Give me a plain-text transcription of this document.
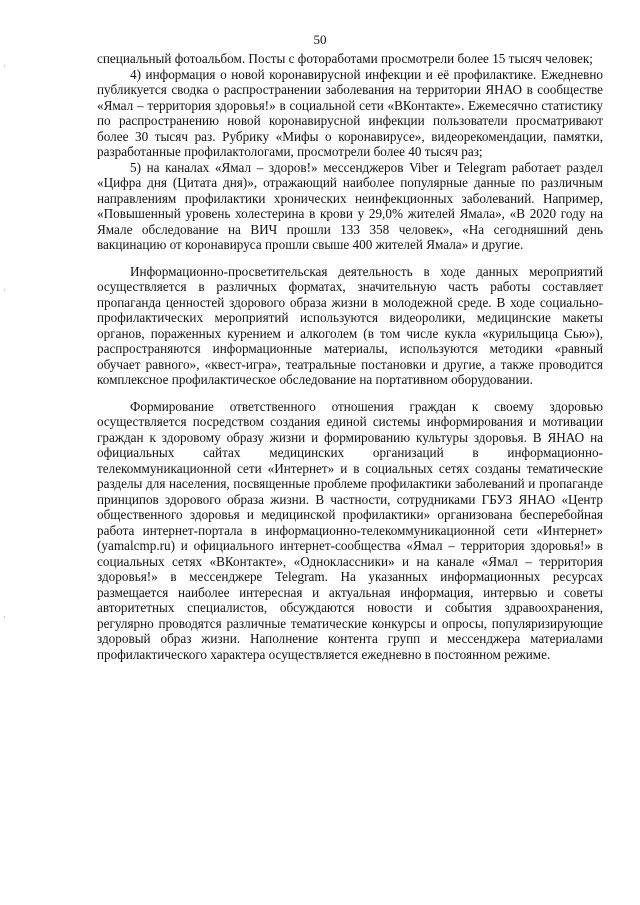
·
·
·
50

специальный фотоальбом. Посты с фотоработами просмотрели более 15 тысяч человек;

4) информация о новой коронавирусной инфекции и её профилактике. Ежедневно публикуется сводка о распространении заболевания на территории ЯНАО в сообществе «Ямал – территория здоровья!» в социальной сети «ВКонтакте». Ежемесячно статистику по распространению новой коронавирусной инфекции пользователи просматривают более 30 тысяч раз. Рубрику «Мифы о коронавирусе», видеорекомендации, памятки, разработанные профилактологами, просмотрели более 40 тысяч раз;

5) на каналах «Ямал – здоров!» мессенджеров Viber и Telegram работает раздел «Цифра дня (Цитата дня)», отражающий наиболее популярные данные по различным направлениям профилактики хронических неинфекционных заболеваний. Например, «Повышенный уровень холестерина в крови у 29,0% жителей Ямала», «В 2020 году на Ямале обследование на ВИЧ прошли 133 358 человек», «На сегодняшний день вакцинацию от коронавируса прошли свыше 400 жителей Ямала» и другие.

Информационно-просветительская деятельность в ходе данных мероприятий осуществляется в различных форматах, значительную часть работы составляет пропаганда ценностей здорового образа жизни в молодежной среде. В ходе социально-профилактических мероприятий используются видеоролики, медицинские макеты органов, пораженных курением и алкоголем (в том числе кукла «курильщица Сью»), распространяются информационные материалы, используются методики «равный обучает равного», «квест-игра», театральные постановки и другие, а также проводится комплексное профилактическое обследование на портативном оборудовании.

Формирование ответственного отношения граждан к своему здоровью осуществляется посредством создания единой системы информирования и мотивации граждан к здоровому образу жизни и формированию культуры здоровья. В ЯНАО на официальных сайтах медицинских организаций в информационно-телекоммуникационной сети «Интернет» и в социальных сетях созданы тематические разделы для населения, посвященные проблеме профилактики заболеваний и пропаганде принципов здорового образа жизни. В частности, сотрудниками ГБУЗ ЯНАО «Центр общественного здоровья и медицинской профилактики» организована бесперебойная работа интернет-портала в информационно-телекоммуникационной сети «Интернет» (yamalcmp.ru) и официального интернет-сообщества «Ямал – территория здоровья!» в социальных сетях «ВКонтакте», «Одноклассники» и на канале «Ямал – территория здоровья!» в мессенджере Telegram. На указанных информационных ресурсах размещается наиболее интересная и актуальная информация, интервью и советы авторитетных специалистов, обсуждаются новости и события здравоохранения, регулярно проводятся различные тематические конкурсы и опросы, популяризирующие здоровый образ жизни. Наполнение контента групп и мессенджера материалами профилактического характера осуществляется ежедневно в постоянном режиме.
